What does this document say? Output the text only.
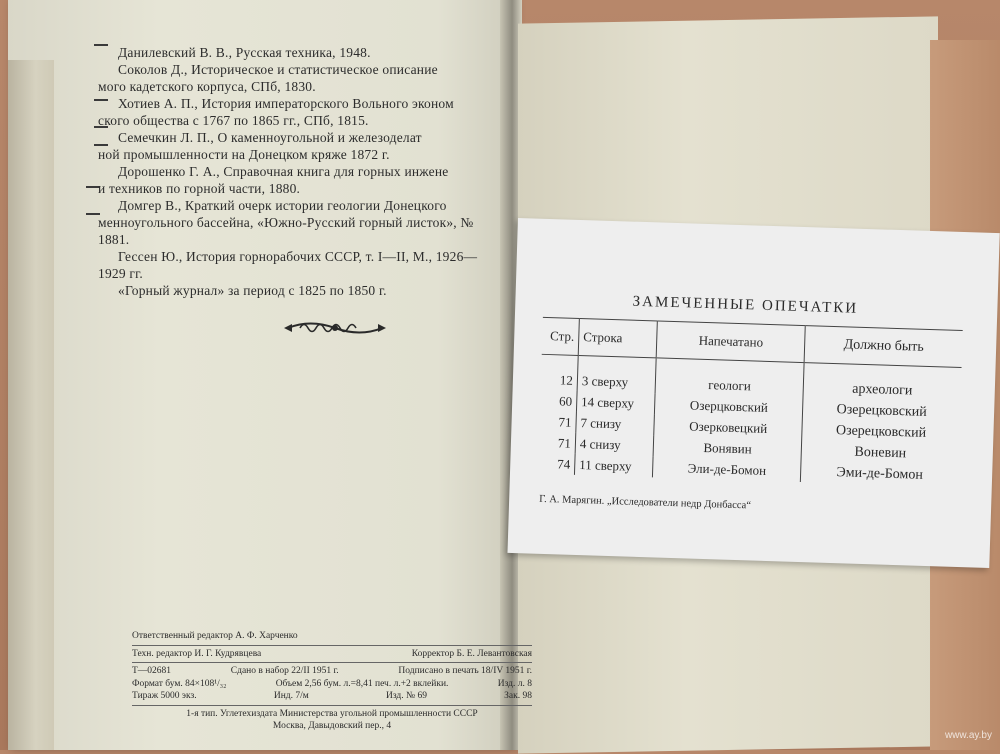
Данилевский В. В., Русская техника, 1948.
Соколов Д., Историческое и статистическое описание
мого кадетского корпуса, СПб, 1830.
Хотиев А. П., История императорского Вольного эконом
ского общества с 1767 по 1865 гг., СПб, 1815.
Семечкин Л. П., О каменноугольной и железоделат
ной промышленности на Донецком кряже 1872 г.
Дорошенко Г. А., Справочная книга для горных инжене
и техников по горной части, 1880.
Домгер В., Краткий очерк истории геологии Донецкого
менноугольного бассейна, «Южно-Русский горный листок», №
1881.
Гессен Ю., История горнорабочих СССР, т. I—II, М., 1926—
1929 гг.
«Горный журнал» за период с 1825 по 1850 г.
Ответственный редактор А. Ф. Харченко
Техн. редактор И. Г. Кудрявцева	Корректор Б. Е. Левантовская
Т—02681	Сдано в набор 22/II 1951 г.	Подписано в печать 18/IV 1951 г.
Формат бум. 84×108¹/₃₂	Объем 2,56 бум. л.=8,41 печ. л.+2 вклейки.	Изд. л. 8
Тираж 5000 экз.	Инд. 7/м	Изд. № 69	Зак. 98
1-я тип. Углетехиздата Министерства угольной промышленности СССР
Москва, Давыдовский пер., 4
ЗАМЕЧЕННЫЕ ОПЕЧАТКИ
Стр.	Строка	Напечатано	Должно быть
12	3 сверху	геологи	археологи
60	14 сверху	Озерцковский	Озерецковский
71	7 снизу	Озерковецкий	Озерецковский
71	4 снизу	Вонявин	Воневин
74	11 сверху	Эли-де-Бомон	Эми-де-Бомон
Г. А. Марягин. „Исследователи недр Донбасса“
www.ay.by
